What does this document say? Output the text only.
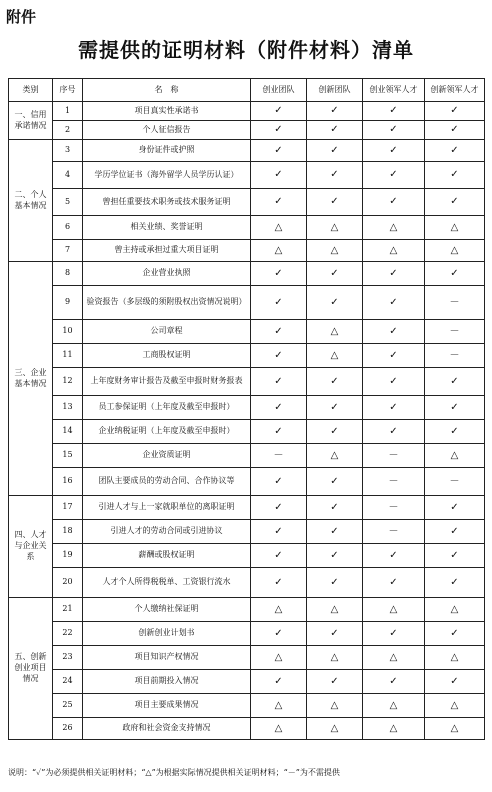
附件
需提供的证明材料（附件材料）清单
类别	序号	名　称	创业团队	创新团队	创业领军人才	创新领军人才
一、信用
承诺情况	1	项目真实性承诺书	✓	✓	✓	✓
	2	个人征信报告	✓	✓	✓	✓
二、个人
基本情况	3	身份证件或护照	✓	✓	✓	✓
	4	学历学位证书（海外留学人员学历认证）	✓	✓	✓	✓
	5	曾担任重要技术职务或技术服务证明	✓	✓	✓	✓
	6	相关业绩、奖誉证明	△	△	△	△
	7	曾主持或承担过重大项目证明	△	△	△	△
三、企业
基本情况	8	企业营业执照	✓	✓	✓	✓
	9	验资报告（多层级的须附股权出资情况说明）	✓	✓	✓	－
	10	公司章程	✓	△	✓	－
	11	工商股权证明	✓	△	✓	－
	12	上年度财务审计报告及截至申报时财务报表	✓	✓	✓	✓
	13	员工参保证明（上年度及截至申报时）	✓	✓	✓	✓
	14	企业纳税证明（上年度及截至申报时）	✓	✓	✓	✓
	15	企业资质证明	－	△	－	△
	16	团队主要成员的劳动合同、合作协议等	✓	✓	－	－
四、人才
与企业关
系	17	引进人才与上一家就职单位的离职证明	✓	✓	－	✓
	18	引进人才的劳动合同或引进协议	✓	✓	－	✓
	19	薪酬或股权证明	✓	✓	✓	✓
	20	人才个人所得税税单、工资银行流水	✓	✓	✓	✓
五、创新
创业项目
情况	21	个人缴纳社保证明	△	△	△	△
	22	创新创业计划书	✓	✓	✓	✓
	23	项目知识产权情况	△	△	△	△
	24	项目前期投入情况	✓	✓	✓	✓
	25	项目主要成果情况	△	△	△	△
	26	政府和社会资金支持情况	△	△	△	△
说明：“✓”为必须提供相关证明材料；“△”为根据实际情况提供相关证明材料；“－”为不需提供
